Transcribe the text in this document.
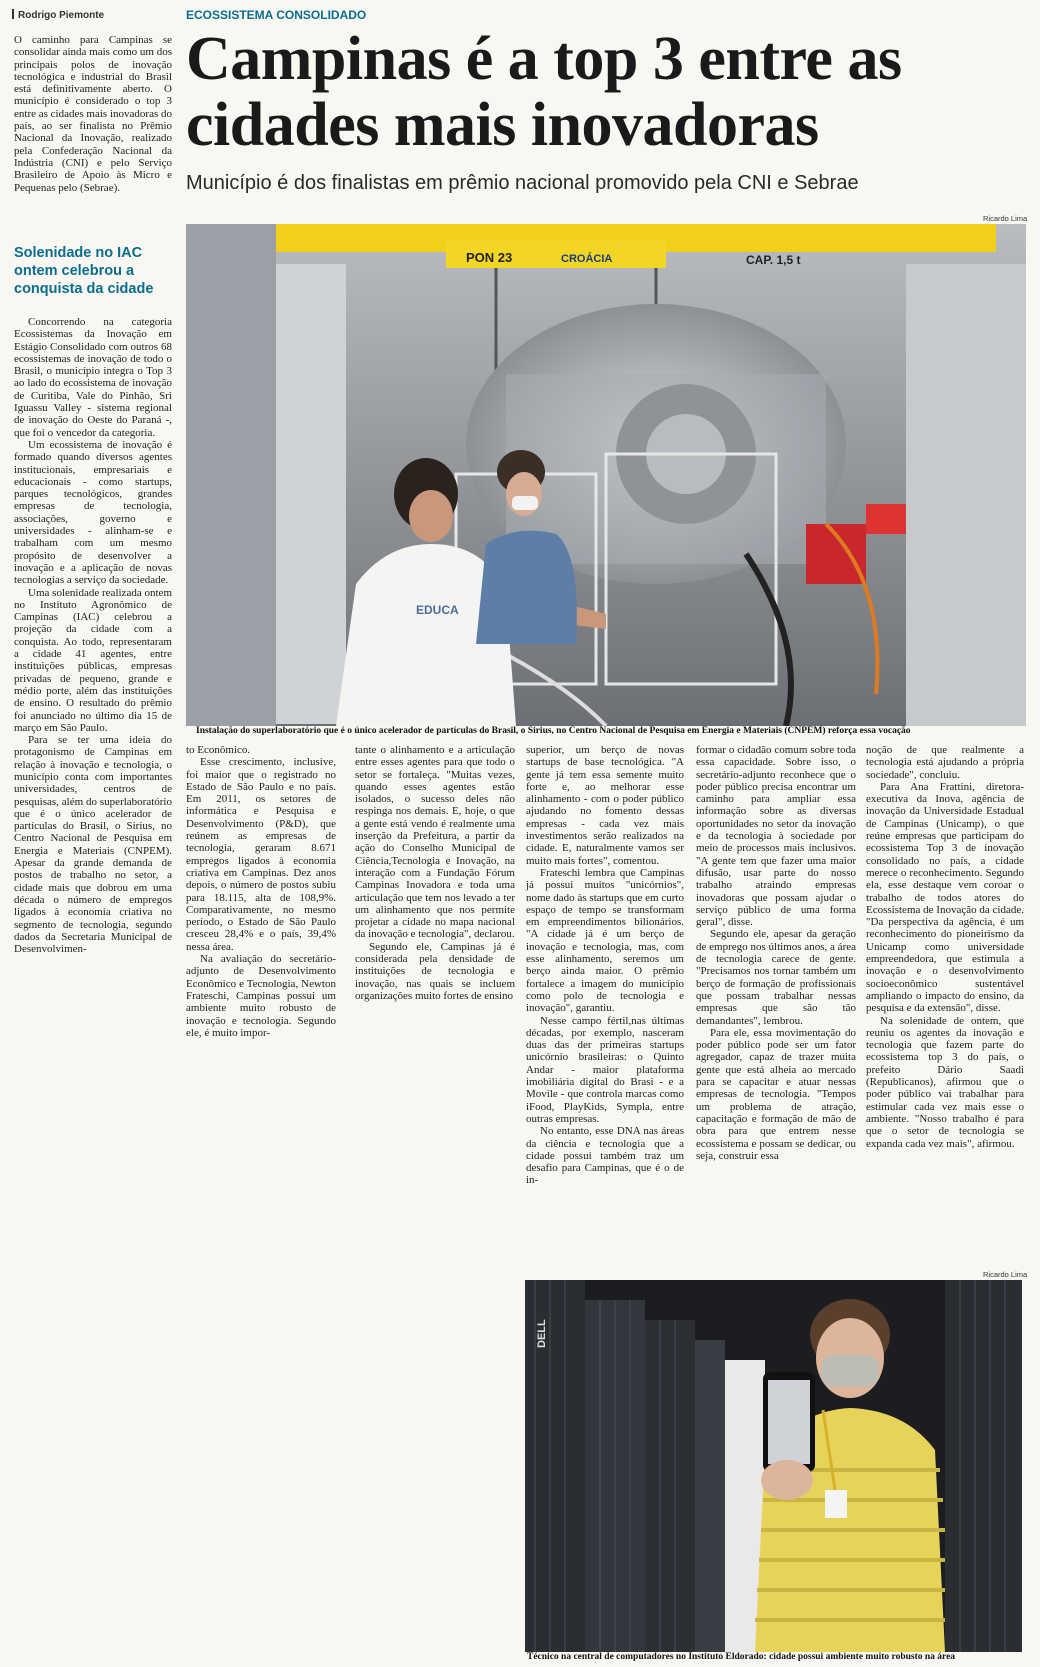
Rodrigo Piemonte	ECOSSISTEMA CONSOLIDADO
Campinas é a top 3 entre as cidades mais inovadoras
Município é dos finalistas em prêmio nacional promovido pela CNI e Sebrae

O caminho para Campinas se consolidar ainda mais como um dos principais polos de inovação tecnológica e industrial do Brasil está definitivamente aberto. O município é considerado o top 3 entre as cidades mais inovadoras do país, ao ser finalista no Prêmio Nacional da Inovação, realizado pela Confederação Nacional da Indústria (CNI) e pelo Serviço Brasileiro de Apoio às Micro e Pequenas pelo (Sebrae).

Solenidade no IAC ontem celebrou a conquista da cidade

Concorrendo na categoria Ecossistemas da Inovação em Estágio Consolidado com outros 68 ecossistemas de inovação de todo o Brasil, o município integra o Top 3 ao lado do ecossistema de inovação de Curitiba, Vale do Pinhão, Sri Iguassu Valley - sistema regional de inovação do Oeste do Paraná -, que foi o vencedor da categoria.

Um ecossistema de inovação é formado quando diversos agentes institucionais, empresariais e educacionais - como startups, parques tecnológicos, grandes empresas de tecnologia, associações, governo e universidades - alinham-se e trabalham com um mesmo propósito de desenvolver a inovação e a aplicação de novas tecnologias a serviço da sociedade.

Uma solenidade realizada ontem no Instituto Agronômico de Campinas (IAC) celebrou a projeção da cidade com a conquista. Ao todo, representaram a cidade 41 agentes, entre instituições públicas, empresas privadas de pequeno, grande e médio porte, além das instituições de ensino. O resultado do prêmio foi anunciado no último dia 15 de março em São Paulo.

Para se ter uma ideia do protagonismo de Campinas em relação à inovação e tecnologia, o município conta com importantes universidades, centros de pesquisas, além do superlaboratório que é o único acelerador de partículas do Brasil, o Sirius, no Centro Nacional de Pesquisa em Energia e Materiais (CNPEM). Apesar da grande demanda de postos de trabalho no setor, a cidade mais que dobrou em uma década o número de empregos ligados à economia criativa no segmento de tecnologia, segundo dados da Secretaria Municipal de Desenvolvimen-

Ricardo Lima
PON 23	CROÁCIA	CAP. 1,5 t
EDUCA
Instalação do superlaboratório que é o único acelerador de partículas do Brasil, o Sirius, no Centro Nacional de Pesquisa em Energia e Materiais (CNPEM) reforça essa vocação

to Econômico.

Esse crescimento, inclusive, foi maior que o registrado no Estado de São Paulo e no país. Em 2011, os setores de informática e Pesquisa e Desenvolvimento (P&D), que reúnem as empresas de tecnologia, geraram 8.671 empregos ligados à economia criativa em Campinas. Dez anos depois, o número de postos subiu para 18.115, alta de 108,9%. Comparativamente, no mesmo período, o Estado de São Paulo cresceu 28,4% e o país, 39,4% nessa área.

Na avaliação do secretário-adjunto de Desenvolvimento Econômico e Tecnologia, Newton Frateschi, Campinas possui um ambiente muito robusto de inovação e tecnologia. Segundo ele, é muito impor-

tante o alinhamento e a articulação entre esses agentes para que todo o setor se fortaleça. "Muitas vezes, quando esses agentes estão isolados, o sucesso deles não respinga nos demais. E, hoje, o que a gente está vendo é realmente uma inserção da Prefeitura, a partir da ação do Conselho Municipal de Ciência,Tecnologia e Inovação, na interação com a Fundação Fórum Campinas Inovadora e toda uma articulação que tem nos levado a ter um alinhamento que nos permite projetar a cidade no mapa nacional da inovação e tecnologia", declarou.

Segundo ele, Campinas já é considerada pela densidade de instituições de tecnologia e inovação, nas quais se incluem organizações muito fortes de ensino

superior, um berço de novas startups de base tecnológica. "A gente já tem essa semente muito forte e, ao melhorar esse alinhamento - com o poder público ajudando no fomento dessas empresas - cada vez mais investimentos serão realizados na cidade. E, naturalmente vamos ser muito mais fortes", comentou.

Frateschi lembra que Campinas já possui muitos "unicórnios", nome dado às startups que em curto espaço de tempo se transformam em empreendimentos bilionários. "A cidade já é um berço de inovação e tecnologia, mas, com esse alinhamento, seremos um berço ainda maior. O prêmio fortalece a imagem do município como polo de tecnologia e inovação", garantiu.

Nesse campo fértil,nas últimas décadas, por exemplo, nasceram duas das der primeiras startups unicórnio brasileiras: o Quinto Andar - maior plataforma imobiliária digital do Brasi - e a Movile - que controla marcas como iFood, PlayKids, Sympla, entre outras empresas.

No entanto, esse DNA nas áreas da ciência e tecnologia que a cidade possui também traz um desafio para Campinas, que é o de in-

formar o cidadão comum sobre toda essa capacidade. Sobre isso, o secretário-adjunto reconhece que o poder público precisa encontrar um caminho para ampliar essa informação sobre as diversas oportunidades no setor da inovação e da tecnologia à sociedade por meio de processos mais inclusivos. "A gente tem que fazer uma maior difusão, usar parte do nosso trabalho atraindo empresas inovadoras que possam ajudar o serviço público de uma forma geral", disse.

Segundo ele, apesar da geração de emprego nos últimos anos, a área de tecnologia carece de gente. "Precisamos nos tornar também um berço de formação de profissionais que possam trabalhar nessas empresas que são tão demandantes", lembrou.

Para ele, essa movimentação do poder público pode ser um fator agregador, capaz de trazer muita gente que está alheia ao mercado para se capacitar e atuar nessas empresas de tecnologia. "Tempos um problema de atração, capacitação e formação de mão de obra para que entrem nesse ecossistema e possam se dedicar, ou seja, construir essa

noção de que realmente a tecnologia está ajudando a própria sociedade", concluiu.

Para Ana Frattini, diretora-executiva da Inova, agência de inovação da Universidade Estadual de Campinas (Unicamp), o que reúne empresas que participam do ecossistema Top 3 de inovação consolidado no país, a cidade merece o reconhecimento. Segundo ela, esse destaque vem coroar o trabalho de todos atores do Ecossistema de Inovação da cidade. "Da perspectiva da agência, é um reconhecimento do pioneirismo da Unicamp como universidade empreendedora, que estimula a inovação e o desenvolvimento socioeconômico sustentável ampliando o impacto do ensino, da pesquisa e da extensão", disse.

Na solenidade de ontem, que reuniu os agentes da inovação e tecnologia que fazem parte do ecossistema top 3 do país, o prefeito Dário Saadi (Republicanos), afirmou que o poder público vai trabalhar para estimular cada vez mais esse o ambiente. "Nosso trabalho é para que o setor de tecnologia se expanda cada vez mais", afirmou.

Ricardo Lima
DELL
Técnico na central de computadores no Instituto Eldorado: cidade possui ambiente muito robusto na área
